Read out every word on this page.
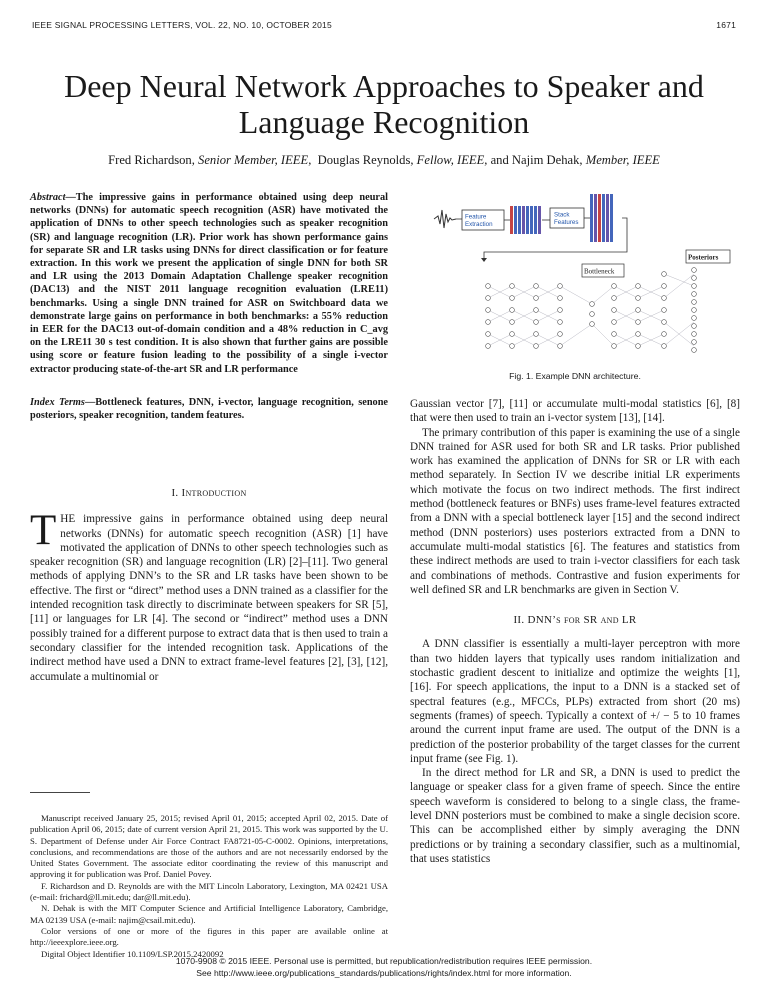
IEEE SIGNAL PROCESSING LETTERS, VOL. 22, NO. 10, OCTOBER 2015	1671
Deep Neural Network Approaches to Speaker and Language Recognition
Fred Richardson, Senior Member, IEEE,  Douglas Reynolds, Fellow, IEEE, and Najim Dehak, Member, IEEE
Abstract—The impressive gains in performance obtained using deep neural networks (DNNs) for automatic speech recognition (ASR) have motivated the application of DNNs to other speech technologies such as speaker recognition (SR) and language recognition (LR). Prior work has shown performance gains for separate SR and LR tasks using DNNs for direct classification or for feature extraction. In this work we present the application of single DNN for both SR and LR using the 2013 Domain Adaptation Challenge speaker recognition (DAC13) and the NIST 2011 language recognition evaluation (LRE11) benchmarks. Using a single DNN trained for ASR on Switchboard data we demonstrate large gains on performance in both benchmarks: a 55% reduction in EER for the DAC13 out-of-domain condition and a 48% reduction in C_avg on the LRE11 30 s test condition. It is also shown that further gains are possible using score or feature fusion leading to the possibility of a single i-vector extractor producing state-of-the-art SR and LR performance
Index Terms—Bottleneck features, DNN, i-vector, language recognition, senone posteriors, speaker recognition, tandem features.

I. Introduction

THE impressive gains in performance obtained using deep neural networks (DNNs) for automatic speech recognition (ASR) [1] have motivated the application of DNNs to other speech technologies such as speaker recognition (SR) and language recognition (LR) [2]–[11]. Two general methods of applying DNN’s to the SR and LR tasks have been shown to be effective. The first or “direct” method uses a DNN trained as a classifier for the intended recognition task directly to discriminate between speakers for SR [5], [11] or languages for LR [4]. The second or “indirect” method uses a DNN possibly trained for a different purpose to extract data that is then used to train a secondary classifier for the intended recognition task. Applications of the indirect method have used a DNN to extract frame-level features [2], [3], [12], accumulate a multinomial or

Manuscript received January 25, 2015; revised April 01, 2015; accepted April 02, 2015. Date of publication April 06, 2015; date of current version April 21, 2015. This work was supported by the U. S. Department of Defense under Air Force Contract FA8721-05-C-0002. Opinions, interpretations, conclusions, and recommendations are those of the authors and are not necessarily endorsed by the United States Government. The associate editor coordinating the review of this manuscript and approving it for publication was Prof. Daniel Povey.

F. Richardson and D. Reynolds are with the MIT Lincoln Laboratory, Lexington, MA 02421 USA (e-mail: frichard@ll.mit.edu; dar@ll.mit.edu).

N. Dehak is with the MIT Computer Science and Artificial Intelligence Laboratory, Cambridge, MA 02139 USA (e-mail: najim@csail.mit.edu).

Color versions of one or more of the figures in this paper are available online at http://ieeexplore.ieee.org.

Digital Object Identifier 10.1109/LSP.2015.2420092

Feature
Extraction
Stack
Features
Bottleneck
Posteriors
Fig. 1. Example DNN architecture.

Gaussian vector [7], [11] or accumulate multi-modal statistics [6], [8] that were then used to train an i-vector system [13], [14].

The primary contribution of this paper is examining the use of a single DNN trained for ASR used for both SR and LR tasks. Prior published work has examined the application of DNNs for SR or LR with each method separately. In Section IV we describe initial LR experiments which motivate the focus on two indirect methods. The first indirect method (bottleneck features or BNFs) uses frame-level features extracted from a DNN with a special bottleneck layer [15] and the second indirect method (DNN posteriors) uses posteriors extracted from a DNN to accumulate multi-modal statistics [6]. The features and statistics from these indirect methods are used to train i-vector classifiers for each task and combinations of methods. Contrastive and fusion experiments for well defined SR and LR benchmarks are given in Section V.

II. DNN’s for SR and LR

A DNN classifier is essentially a multi-layer perceptron with more than two hidden layers that typically uses random initialization and stochastic gradient descent to initialize and optimize the weights [1], [16]. For speech applications, the input to a DNN is a stacked set of spectral features (e.g., MFCCs, PLPs) extracted from short (20 ms) segments (frames) of speech. Typically a context of +/ − 5 to 10 frames around the current input frame are used. The output of the DNN is a prediction of the posterior probability of the target classes for the current input frame (see Fig. 1).

In the direct method for LR and SR, a DNN is used to predict the language or speaker class for a given frame of speech. Since the entire speech waveform is considered to belong to a single class, the frame-level DNN posteriors must be combined to make a single decision score. This can be accomplished either by simply averaging the DNN predictions or by training a secondary classifier, such as a multinomial, that uses statistics

1070-9908 © 2015 IEEE. Personal use is permitted, but republication/redistribution requires IEEE permission.
See http://www.ieee.org/publications_standards/publications/rights/index.html for more information.
